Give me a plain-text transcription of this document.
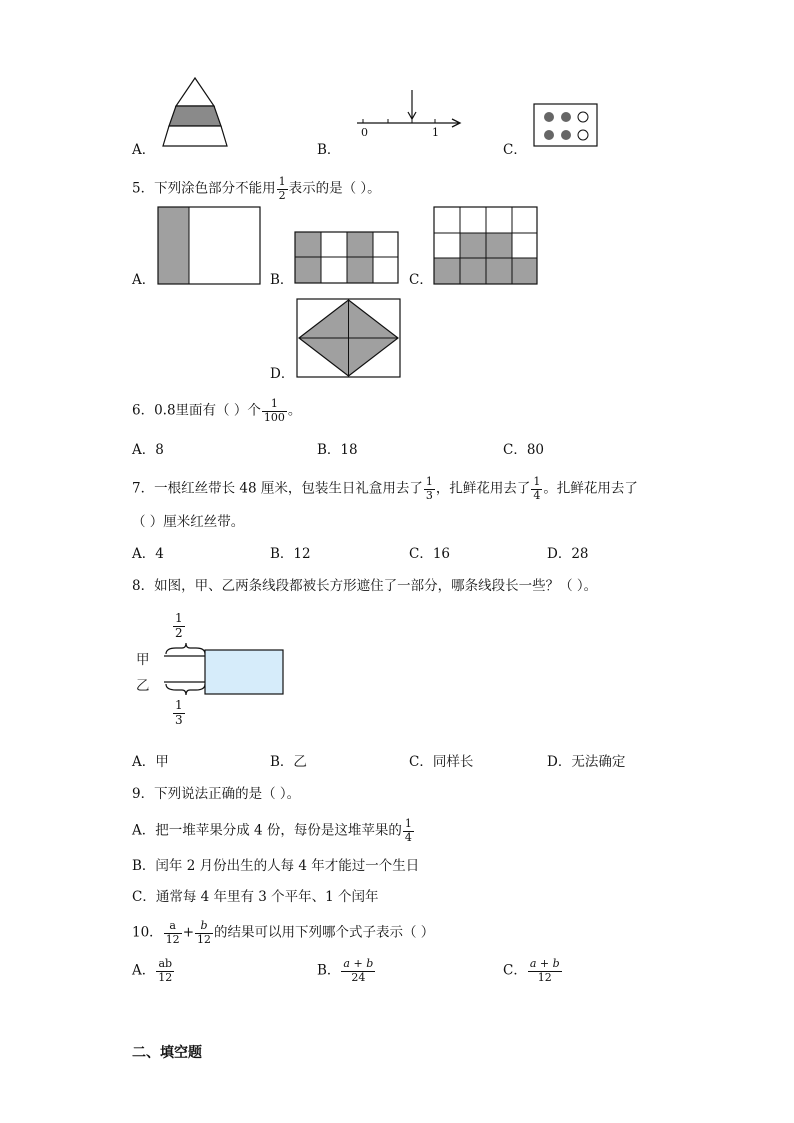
A．
0	1
B．	C．
5．下列涂色部分不能用 $\frac{1}{2}$ 表示的是（ ）。
A．	B．	C．
D．
6．0.8里面有（ ）个 $\frac{1}{100}$ 。
A．8	B．18	C．80
7．一根红丝带长 48 厘米，包装生日礼盒用去了 $\frac{1}{3}$ ，扎鲜花用去了 $\frac{1}{4}$ 。扎鲜花用去了
（ ）厘米红丝带。
A．4	B．12	C．16	D．28
8．如图，甲、乙两条线段都被长方形遮住了一部分，哪条线段长一些？（ ）。
甲
乙
$\frac{1}{2}$
$\frac{1}{3}$
A．甲	B．乙	C．同样长	D．无法确定
9．下列说法正确的是（ ）。
A．把一堆苹果分成 4 份，每份是这堆苹果的 $\frac{1}{4}$
B．闰年 2 月份出生的人每 4 年才能过一个生日
C．通常每 4 年里有 3 个平年、1 个闰年
10． $\frac{a}{12} + \frac{b}{12}$ 的结果可以用下列哪个式子表示（ ）
A． $\frac{ab}{12}$	B． $\frac{a + b}{24}$	C． $\frac{a + b}{12}$
二、填空题
